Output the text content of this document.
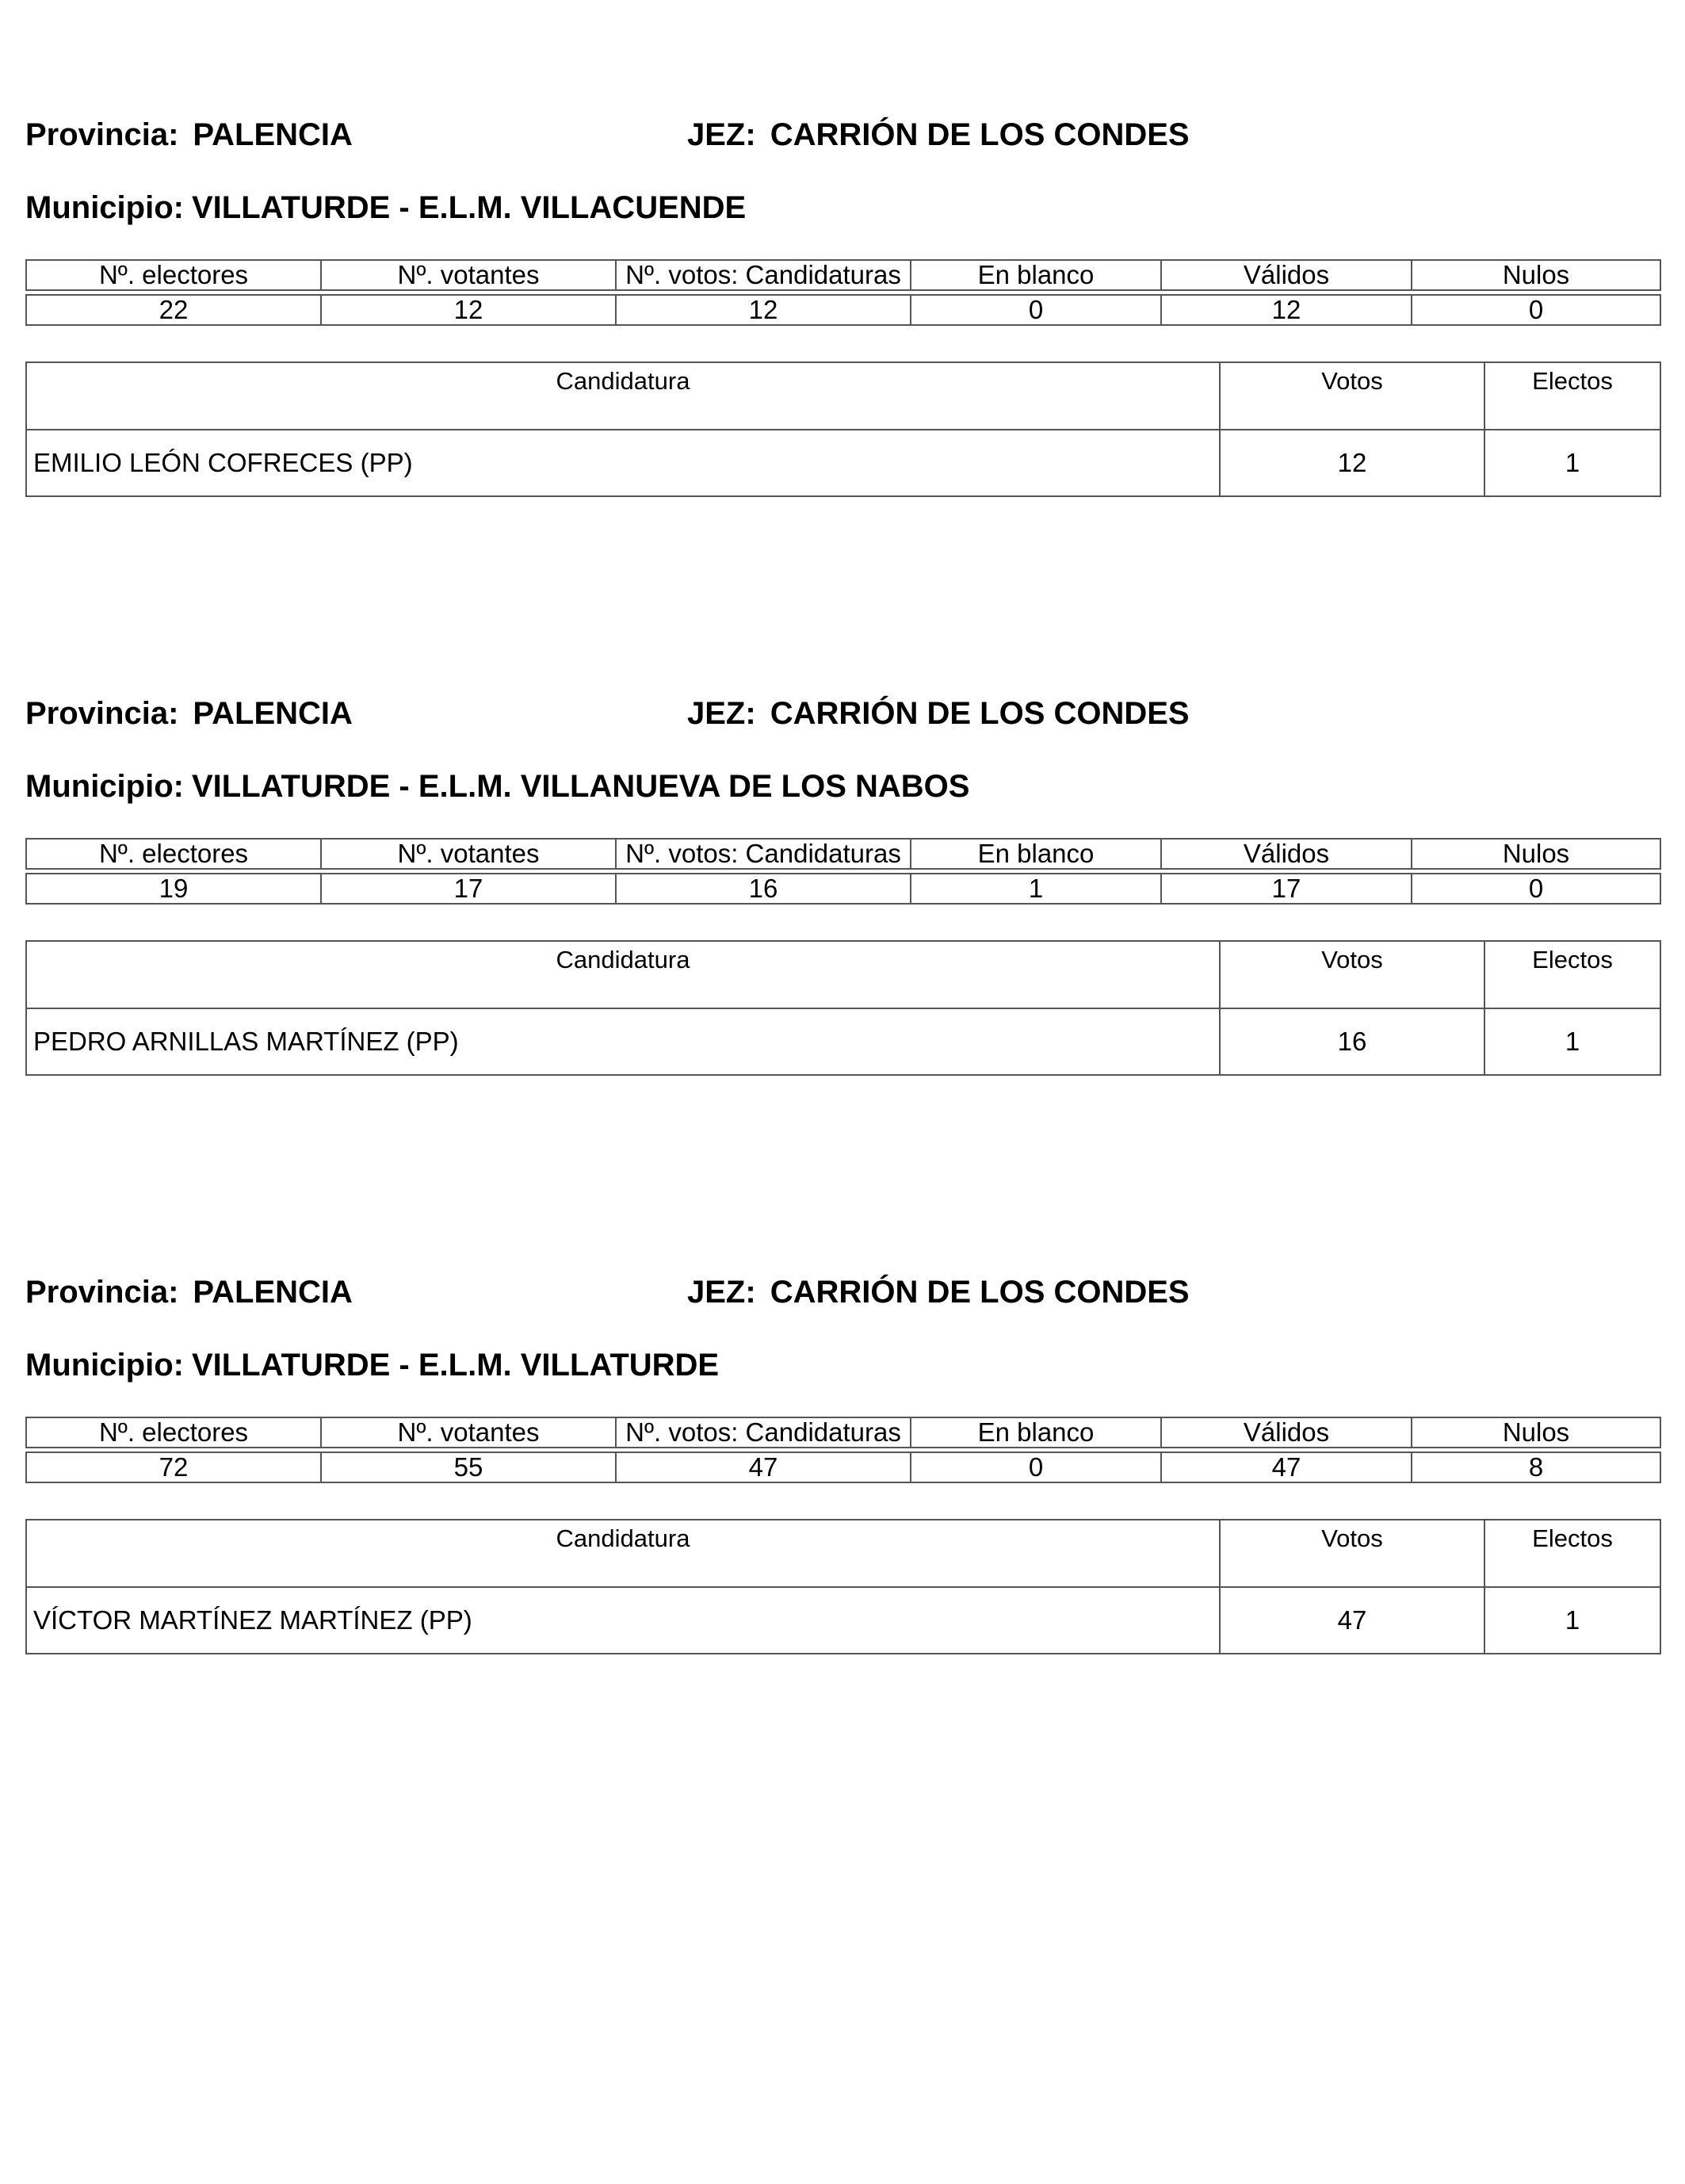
Provincia: PALENCIA	JEZ: CARRIÓN DE LOS CONDES
Municipio: VILLATURDE - E.L.M. VILLACUENDE
Nº. electores	Nº. votantes	Nº. votos: Candidaturas	En blanco	Válidos	Nulos

22	12	12	0	12	0
Candidatura	Votos	Electos
EMILIO LEÓN COFRECES (PP)	12	1
Provincia: PALENCIA	JEZ: CARRIÓN DE LOS CONDES
Municipio: VILLATURDE - E.L.M. VILLANUEVA DE LOS NABOS
Nº. electores	Nº. votantes	Nº. votos: Candidaturas	En blanco	Válidos	Nulos

19	17	16	1	17	0
Candidatura	Votos	Electos
PEDRO ARNILLAS MARTÍNEZ (PP)	16	1
Provincia: PALENCIA	JEZ: CARRIÓN DE LOS CONDES
Municipio: VILLATURDE - E.L.M. VILLATURDE
Nº. electores	Nº. votantes	Nº. votos: Candidaturas	En blanco	Válidos	Nulos

72	55	47	0	47	8
Candidatura	Votos	Electos
VÍCTOR MARTÍNEZ MARTÍNEZ (PP)	47	1
